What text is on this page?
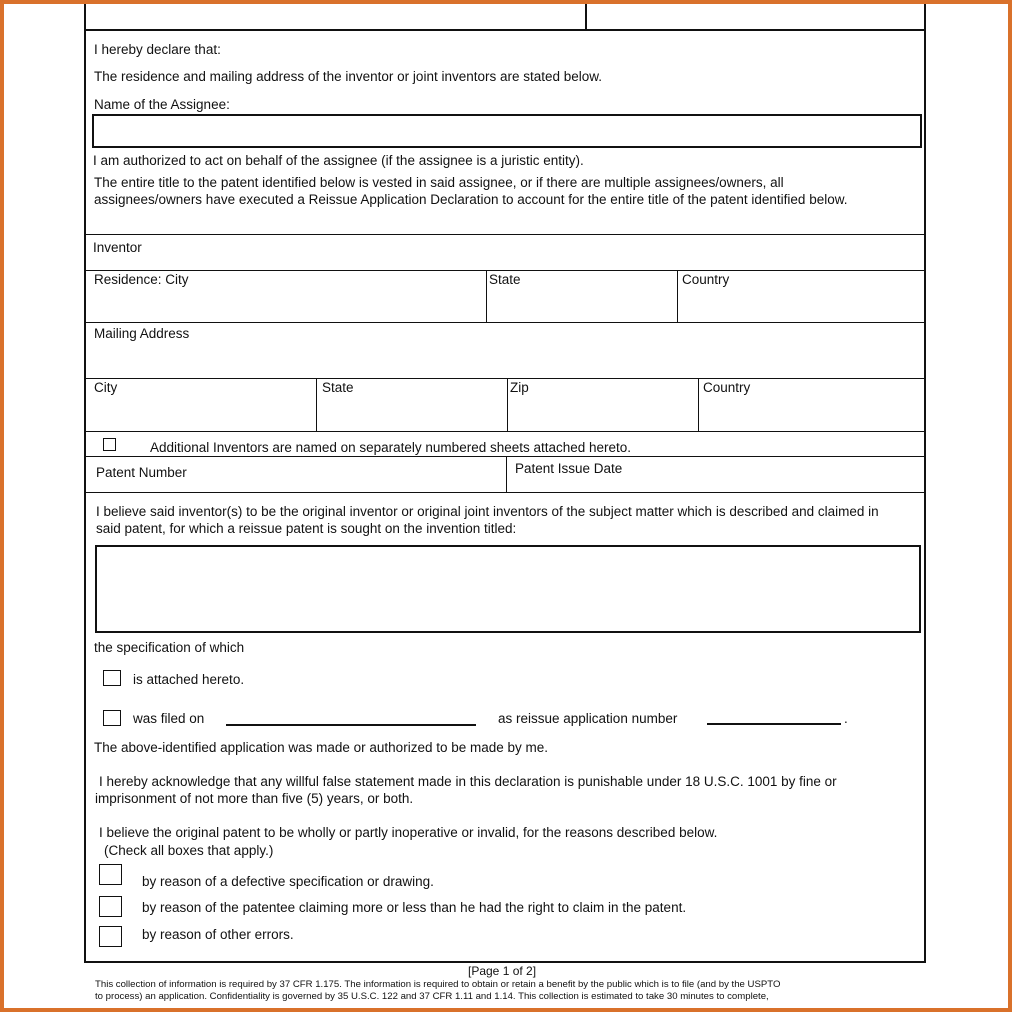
I hereby declare that:
The residence and mailing address of the inventor or joint inventors are stated below.
Name of the Assignee:
I am authorized to act on behalf of the assignee (if the assignee is a juristic entity).
The entire title to the patent identified below is vested in said assignee, or if there are multiple assignees/owners, all assignees/owners have executed a Reissue Application Declaration to account for the entire title of the patent identified below.
Inventor
Residence: City	State	Country
Mailing Address
City	State	Zip	Country
Additional Inventors are named on separately numbered sheets attached hereto.
Patent Number	Patent Issue Date
I believe said inventor(s) to be the original inventor or original joint inventors of the subject matter which is described and claimed in said patent, for which a reissue patent is sought on the invention titled:
the specification of which
is attached hereto.
was filed on	as reissue application number	.
The above-identified application was made or authorized to be made by me.
I hereby acknowledge that any willful false statement made in this declaration is punishable under 18 U.S.C. 1001 by fine or imprisonment of not more than five (5) years, or both.
I believe the original patent to be wholly or partly inoperative or invalid, for the reasons described below.
(Check all boxes that apply.)
by reason of a defective specification or drawing.
by reason of the patentee claiming more or less than he had the right to claim in the patent.
by reason of other errors.
[Page 1 of 2]
This collection of information is required by 37 CFR 1.175. The information is required to obtain or retain a benefit by the public which is to file (and by the USPTO
to process) an application. Confidentiality is governed by 35 U.S.C. 122 and 37 CFR 1.11 and 1.14. This collection is estimated to take 30 minutes to complete,
